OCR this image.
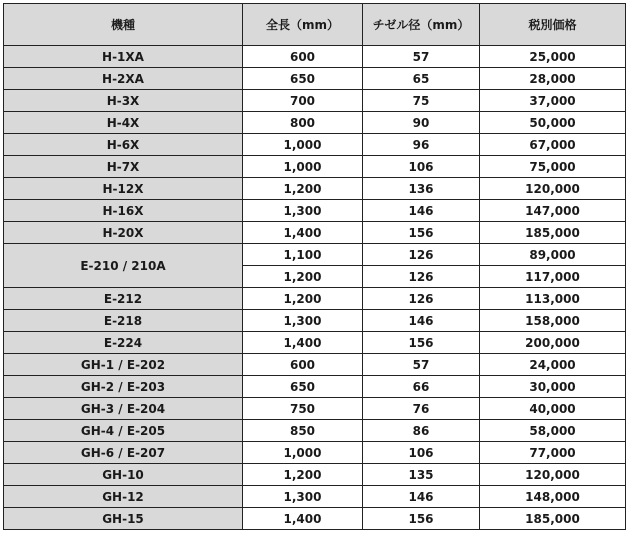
機種	全長（mm）	チゼル径（mm）	税別価格
H-1XA	600	57	25,000
H-2XA	650	65	28,000
H-3X	700	75	37,000
H-4X	800	90	50,000
H-6X	1,000	96	67,000
H-7X	1,000	106	75,000
H-12X	1,200	136	120,000
H-16X	1,300	146	147,000
H-20X	1,400	156	185,000
E-210 / 210A	1,100	126	89,000
	1,200	126	117,000
E-212	1,200	126	113,000
E-218	1,300	146	158,000
E-224	1,400	156	200,000
GH-1 / E-202	600	57	24,000
GH-2 / E-203	650	66	30,000
GH-3 / E-204	750	76	40,000
GH-4 / E-205	850	86	58,000
GH-6 / E-207	1,000	106	77,000
GH-10	1,200	135	120,000
GH-12	1,300	146	148,000
GH-15	1,400	156	185,000
